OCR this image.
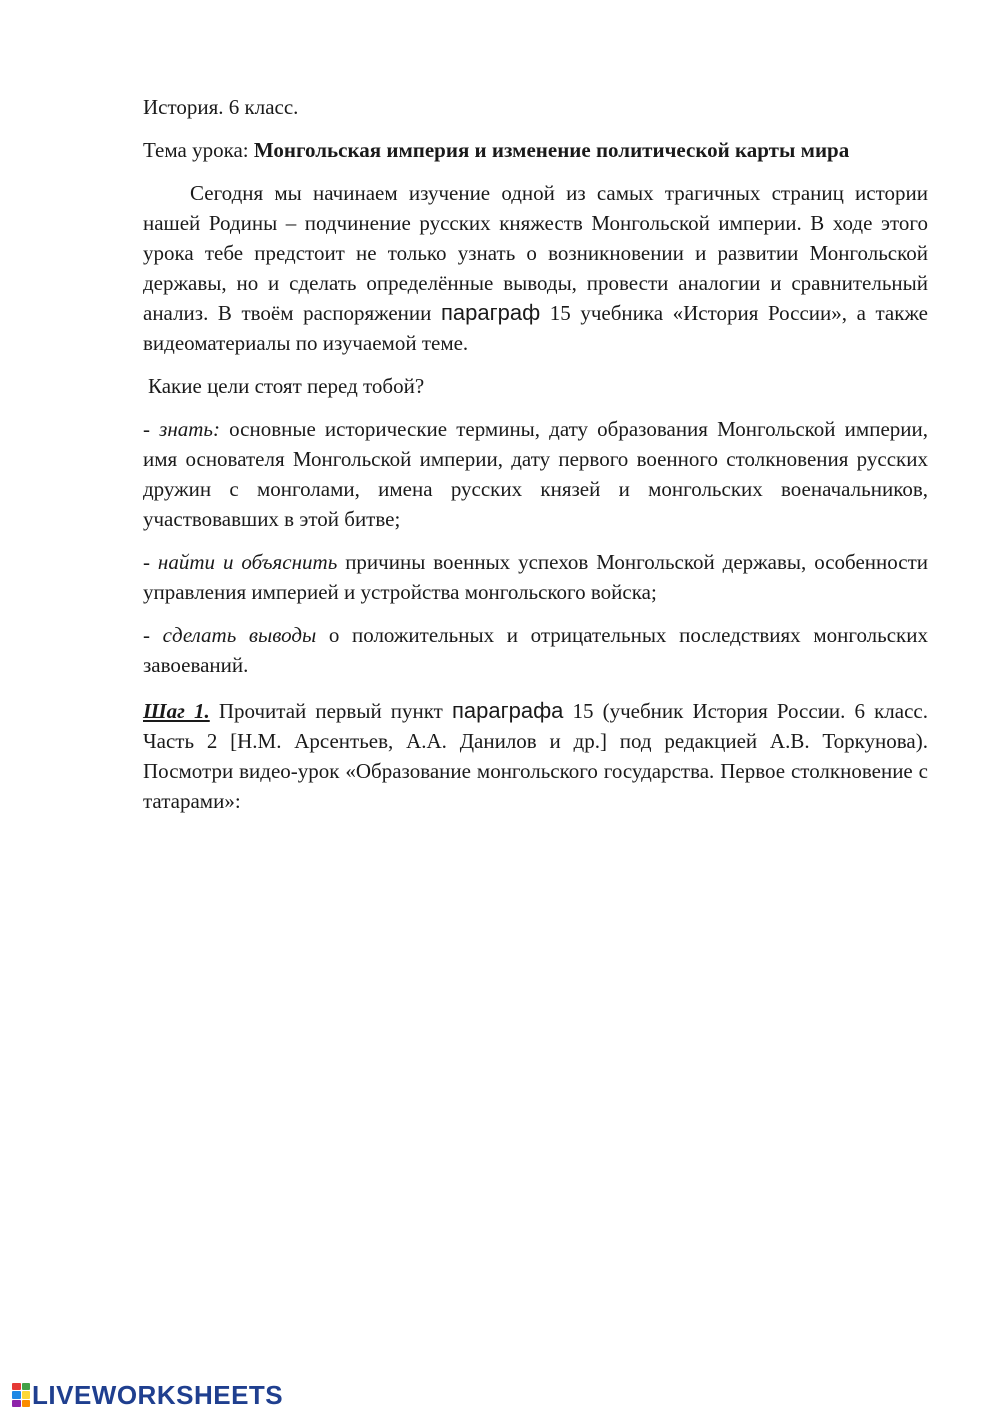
История. 6 класс.

Тема урока: Монгольская империя и изменение политической карты мира

Сегодня мы начинаем изучение одной из самых трагичных страниц истории нашей Родины – подчинение русских княжеств Монгольской империи. В ходе этого урока тебе предстоит не только узнать о возникновении и развитии Монгольской державы, но и сделать определённые выводы, провести аналогии и сравнительный анализ. В твоём распоряжении параграф 15 учебника «История России», а также видеоматериалы по изучаемой теме.

Какие цели стоят перед тобой?

- знать: основные исторические термины, дату образования Монгольской империи, имя основателя Монгольской империи, дату первого военного столкновения русских дружин с монголами, имена русских князей и монгольских военачальников, участвовавших в этой битве;

- найти и объяснить причины военных успехов Монгольской державы, особенности управления империей и устройства монгольского войска;

- сделать выводы о положительных и отрицательных последствиях монгольских завоеваний.

Шаг 1. Прочитай первый пункт параграфа 15 (учебник История России. 6 класс. Часть 2 [Н.М. Арсентьев, А.А. Данилов и др.] под редакцией А.В. Торкунова). Посмотри видео-урок «Образование монгольского государства. Первое столкновение с татарами»:

LIVEWORKSHEETS
